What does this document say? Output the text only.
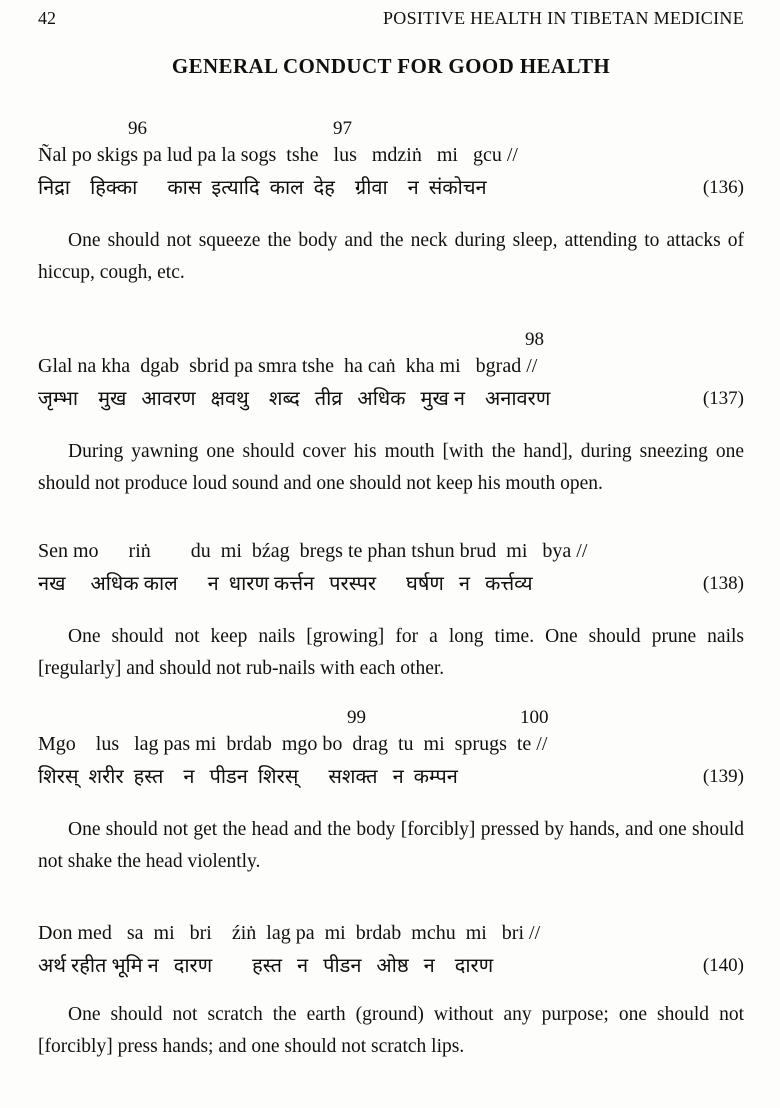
42	POSITIVE HEALTH IN TIBETAN MEDICINE
GENERAL CONDUCT FOR GOOD HEALTH
96	97
Ñal po skigs pa lud pa la sogs  tshe   lus   mdziṅ   mi   gcu //
निद्रा    हिक्का      कास  इत्यादि  काल  देह    ग्रीवा    न  संकोचन	(136)

One should not squeeze the body and the neck during sleep, attending to attacks of hiccup, cough, etc.

98
Glal na kha  dgab  sbrid pa smra tshe  ha caṅ  kha mi   bgrad //
जृम्भा    मुख   आवरण   क्षवथु    शब्द   तीव्र   अधिक   मुख न    अनावरण	(137)

During yawning one should cover his mouth [with the hand], during sneezing one should not produce loud sound and one should not keep his mouth open.

Sen mo      riṅ        du  mi  bźag  bregs te phan tshun brud  mi   bya //
नख     अधिक काल      न  धारण कर्त्तन   परस्पर      घर्षण   न   कर्त्तव्य	(138)

One should not keep nails [growing] for a long time. One should prune nails [regularly] and should not rub-nails with each other.

99	100
Mgo    lus   lag pas mi  brdab  mgo bo  drag  tu  mi  sprugs  te //
शिरस्  शरीर  हस्त    न   पीडन  शिरस्      सशक्त   न  कम्पन	(139)

One should not get the head and the body [forcibly] pressed by hands, and one should not shake the head violently.

Don med   sa  mi   bri    źiṅ  lag pa  mi  brdab  mchu  mi   bri //
अर्थ रहीत भूमि न   दारण        हस्त   न   पीडन   ओष्ठ   न    दारण	(140)

One should not scratch the earth (ground) without any purpose; one should not [forcibly] press hands; and one should not scratch lips.
